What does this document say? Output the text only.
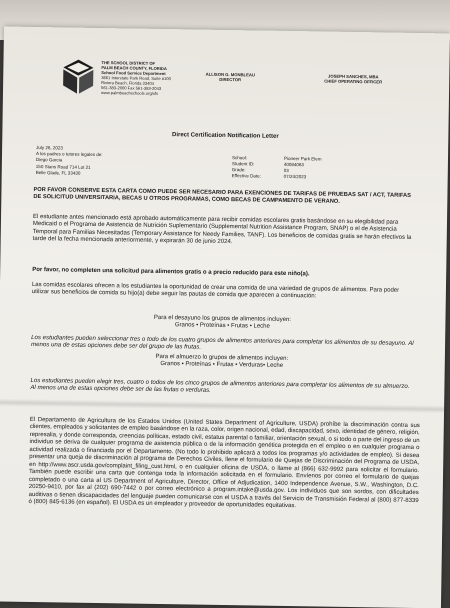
THE SCHOOL DISTRICT OF
PALM BEACH COUNTY, FLORIDA
School Food Service Department
3661 Interstate Park Road, Suite #100
Riviera Beach, Florida 33404
561-383-2000 Fax 561-383-2043
www.palmbeachschools.org/sfs
ALLISON G. MONBLEAU
DIRECTOR
JOSEPH SANCHES, MBA
CHIEF OPERATING OFFICER
Direct Certification Notification Letter
July 26, 2023
A los padres o tutores legales de:
Diego Garcia
150 Stans Road 714 Lot 21
Belle Glade, FL 33430
School:	Pioneer Park Elem
Student ID:	40084063
Grade:	03
Effective Date:	07/24/2023
POR FAVOR CONSERVE ESTA CARTA COMO PUEDE SER NECESARIO PARA EXENCIONES DE TARIFAS DE PRUEBAS SAT / ACT, TARIFAS DE SOLICITUD UNIVERSITARIA, BECAS U OTROS PROGRAMAS, COMO BECAS DE CAMPAMENTO DE VERANO.
El estudiante antes mencionado está aprobado automáticamente para recibir comidas escolares gratis basándose en su elegibilidad para Medicaid o el Programa de Asistencia de Nutrición Suplementario (Supplemental Nutrition Assistance Program, SNAP) o el de Asistencia Temporal para Familias Necesitadas (Temporary Assistance for Needy Families, TANF). Los beneficios de comidas gratis se harán efectivos la tarde del la fecha mencionada anteriormente, y expirarán 30 de junio 2024.
Por favor, no completen una solicitud para alimentos gratis o a precio reducido para este niño(a).
Las comidas escolares ofrecen a los estudiantes la oportunidad de crear una comida de una variedad de grupos de alimentos. Para poder utilizar sus beneficios de comida su hijo(a) debe seguir las pautas de comida que aparecen a continuación:
Para el desayuno los grupos de alimentos incluyen:
Granos • Proteínas • Frutas • Leche
Los estudiantes pueden seleccionar tres o todo de los cuatro grupos de alimentos anteriores para completar los alimentos de su desayuno. Al menos una de estas opciones debe ser del grupo de las frutas.
Para el almuerzo lo grupos de alimentos incluyen:
Granos • Proteínas • Frutas • Verduras• Leche
Los estudiantes pueden elegir tres, cuatro o todos de los cinco grupos de alimentos anteriores para completar los alimentos de su almuerzo. Al menos una de estas opciones debe ser de las frutas o verduras.
El Departamento de Agricultura de los Estados Unidos (United States Department of Agriculture, USDA) prohíbe la discriminación contra sus clientes, empleados y solicitantes de empleo basándose en la raza, color, origen nacional, edad, discapacidad, sexo, identidad de género, religión, represalia, y donde corresponda, creencias políticas, estado civil, estatus parental o familiar, orientación sexual, o si todo o parte del ingreso de un individuo se deriva de cualquier programa de asistencia pública o de la información genética protegida en el empleo o en cualquier programa o actividad realizada o financiada por el Departamento. (No todo lo prohibido aplicará a todos los programas y/o actividades de empleo). Si desea presentar una queja de discriminación al programa de Derechos Civiles, llene el formulario de Quejas de Discriminación del Programa de USDA, en http://www.ascr.usda.gov/complaint_filing_cust.html, o en cualquier oficina de USDA, o llame al (866) 632-9992 para solicitar el formulario. También puede escribir una carta que contenga toda la información solicitada en el formulario. Envíenos por correo el formulario de quejas completado o una carta al US Department of Agriculture, Director, Office of Adjudication, 1400 Independence Avenue, S.W., Washington, D.C. 20250-9410, por fax al (202) 690-7442 o por correo electrónico a program.intake@usda.gov. Los individuos que son sordos, con dificultades auditivas o tienen discapacidades del lenguaje pueden comunicarse con el USDA a través del Servicio de Transmisión Federal al (800) 877-8339 ó (800) 845-6136 (en español). El USDA es un empleador y proveedor de oportunidades equitativas.
